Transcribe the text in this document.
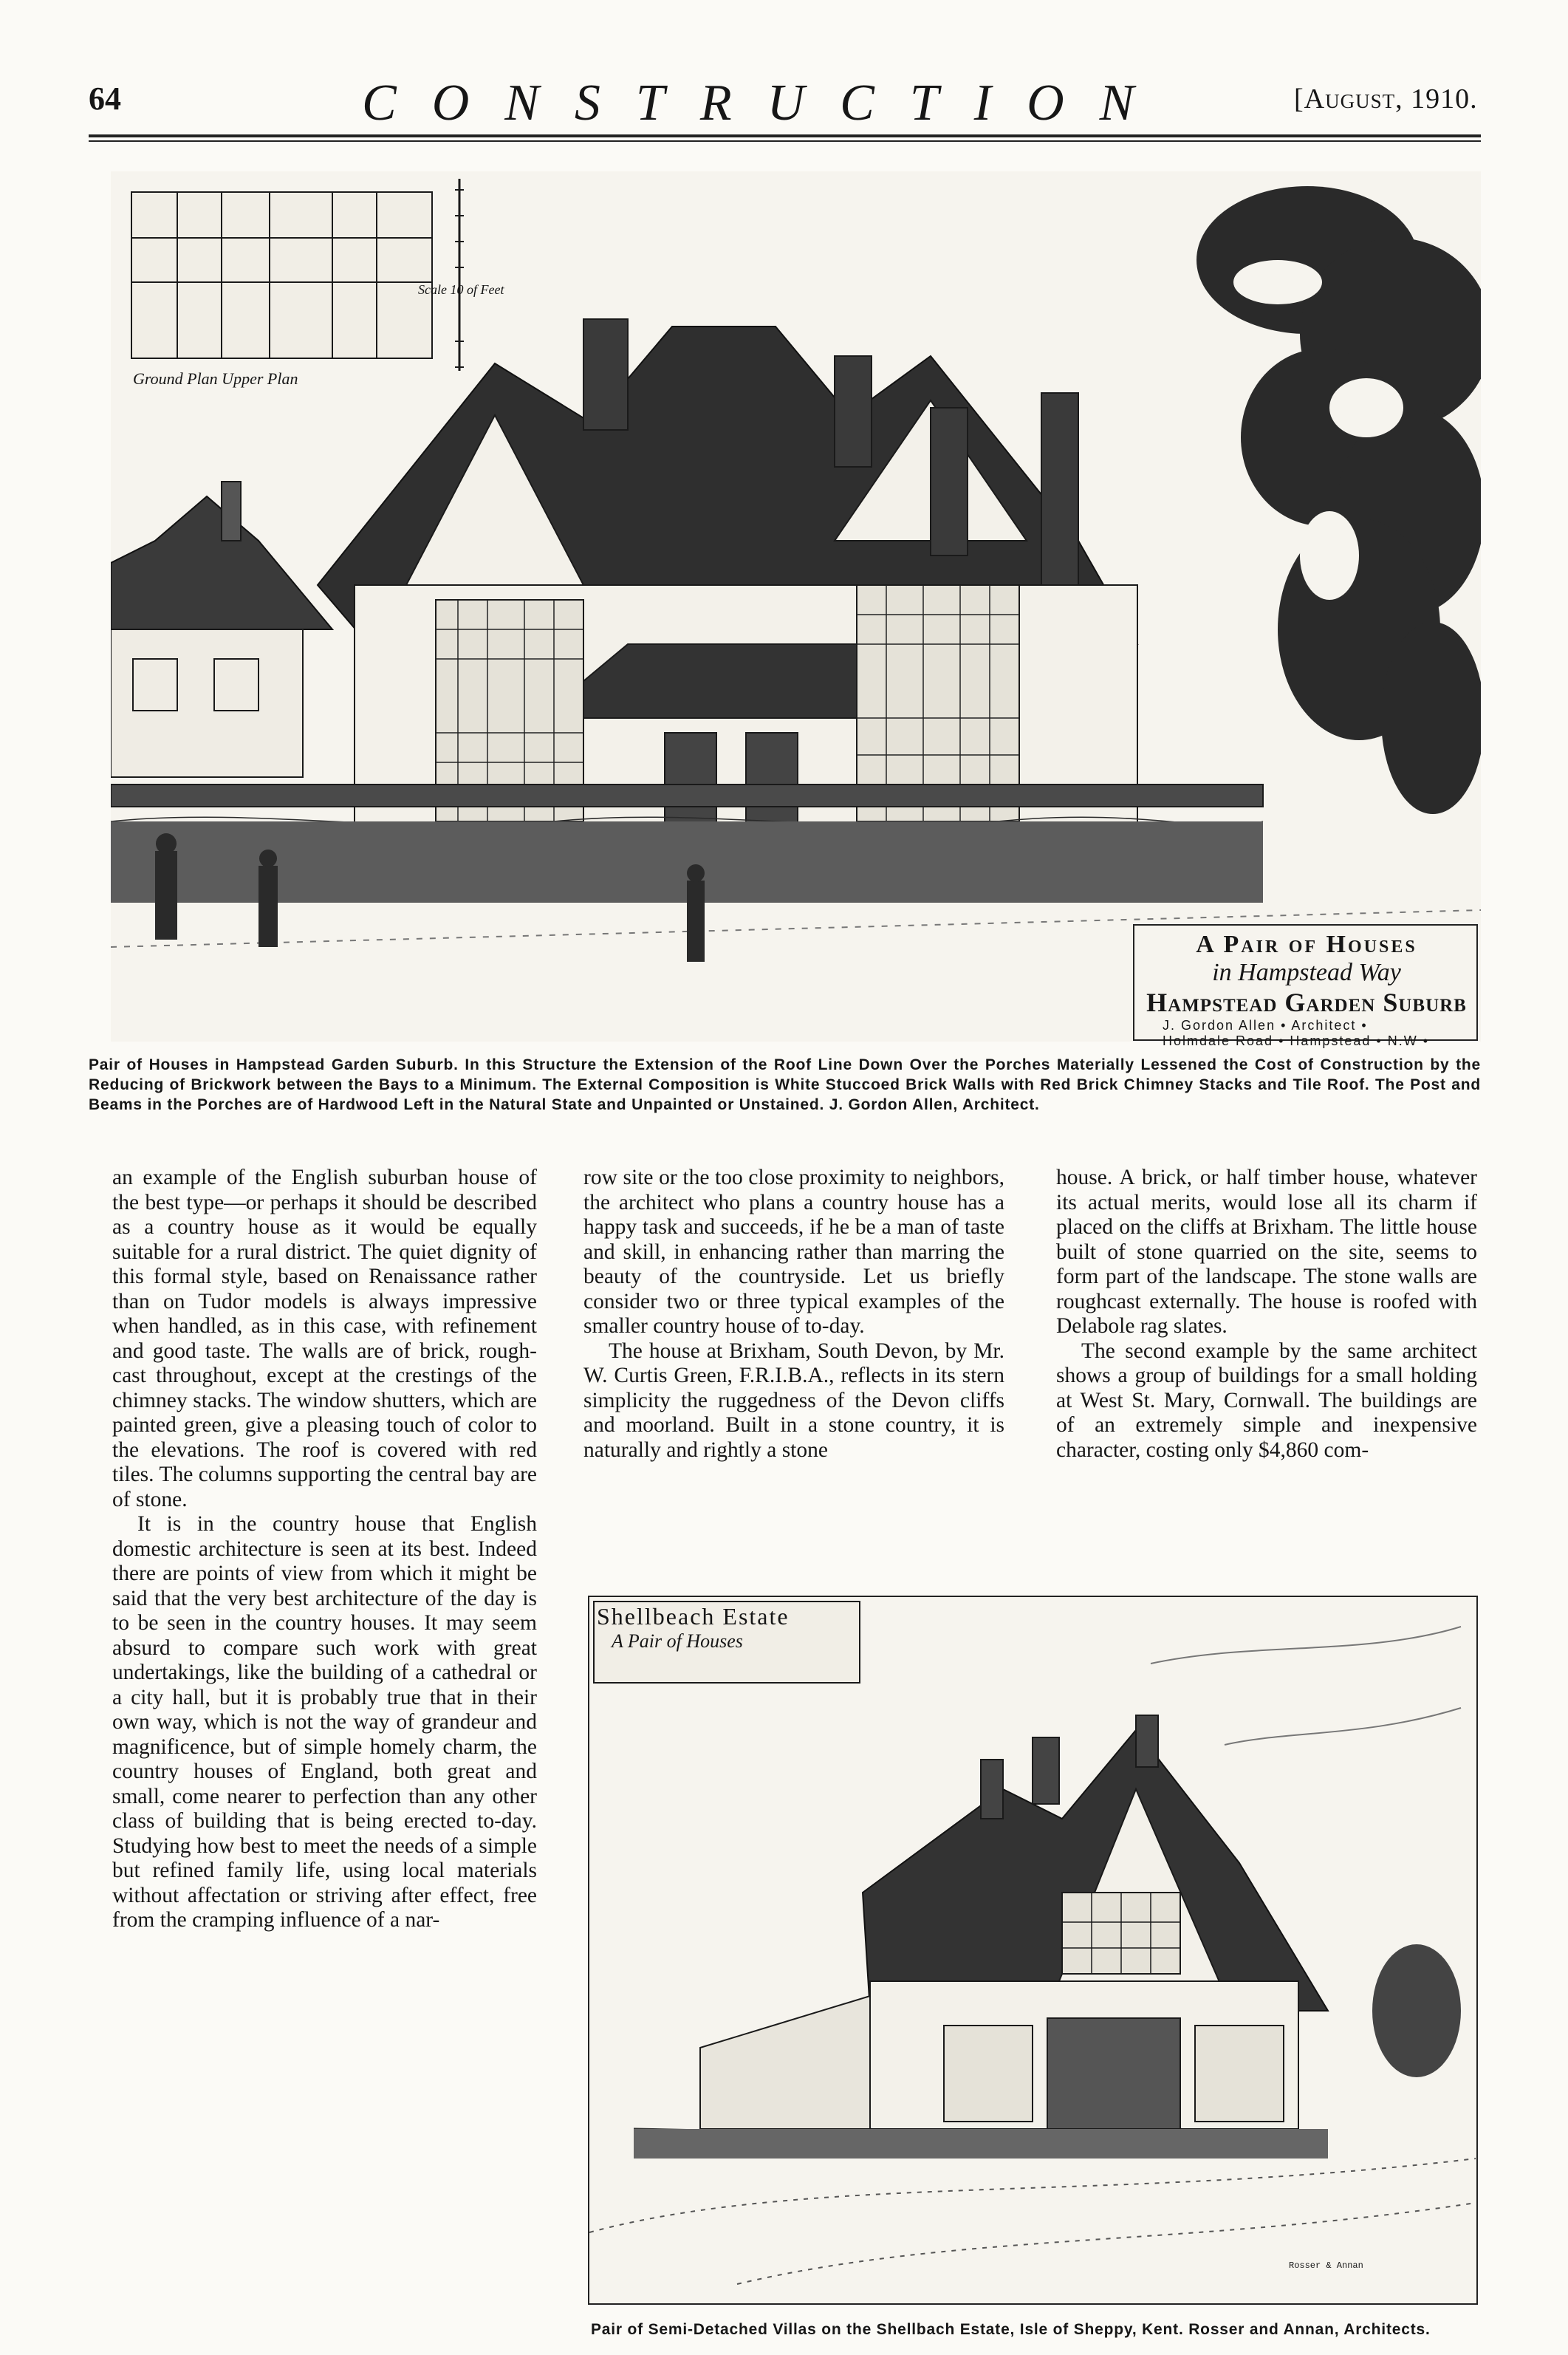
64	CONSTRUCTION	[August, 1910.
Ground Plan Upper Plan
Scale 10 of Feet
A Pair of Houses
in Hampstead Way
Hampstead Garden Suburb
J. Gordon Allen • Architect •
Holmdale Road • Hampstead • N.W •
Pair of Houses in Hampstead Garden Suburb. In this Structure the Extension of the Roof Line Down Over the Porches Materially Lessened the Cost of Construction by the Reducing of Brickwork between the Bays to a Minimum. The External Composition is White Stuccoed Brick Walls with Red Brick Chimney Stacks and Tile Roof. The Post and Beams in the Porches are of Hardwood Left in the Natural State and Unpainted or Unstained. J. Gordon Allen, Architect.

an example of the English suburban house of the best type—or perhaps it should be described as a country house as it would be equally suitable for a rural district. The quiet dignity of this formal style, based on Renaissance rather than on Tudor models is always impressive when handled, as in this case, with refinement and good taste. The walls are of brick, rough-cast throughout, except at the crestings of the chimney stacks. The window shutters, which are painted green, give a pleasing touch of color to the elevations. The roof is covered with red tiles. The columns supporting the central bay are of stone.

It is in the country house that English domestic architecture is seen at its best. Indeed there are points of view from which it might be said that the very best architecture of the day is to be seen in the country houses. It may seem absurd to compare such work with great undertakings, like the building of a cathedral or a city hall, but it is probably true that in their own way, which is not the way of grandeur and magnificence, but of simple homely charm, the country houses of England, both great and small, come nearer to perfection than any other class of building that is being erected to-day. Studying how best to meet the needs of a simple but refined family life, using local materials without affectation or striving after effect, free from the cramping influence of a nar-

row site or the too close proximity to neighbors, the architect who plans a country house has a happy task and succeeds, if he be a man of taste and skill, in enhancing rather than marring the beauty of the countryside. Let us briefly consider two or three typical examples of the smaller country house of to-day.

The house at Brixham, South Devon, by Mr. W. Curtis Green, F.R.I.B.A., reflects in its stern simplicity the ruggedness of the Devon cliffs and moorland. Built in a stone country, it is naturally and rightly a stone

house. A brick, or half timber house, whatever its actual merits, would lose all its charm if placed on the cliffs at Brixham. The little house built of stone quarried on the site, seems to form part of the landscape. The stone walls are roughcast externally. The house is roofed with Delabole rag slates.

The second example by the same architect shows a group of buildings for a small holding at West St. Mary, Cornwall. The buildings are of an extremely simple and inexpensive character, costing only $4,860 com-

Shellbeach Estate
A Pair of Houses
Rosser & Annan
Pair of Semi-Detached Villas on the Shellbach Estate, Isle of Sheppy, Kent. Rosser and Annan, Architects.
